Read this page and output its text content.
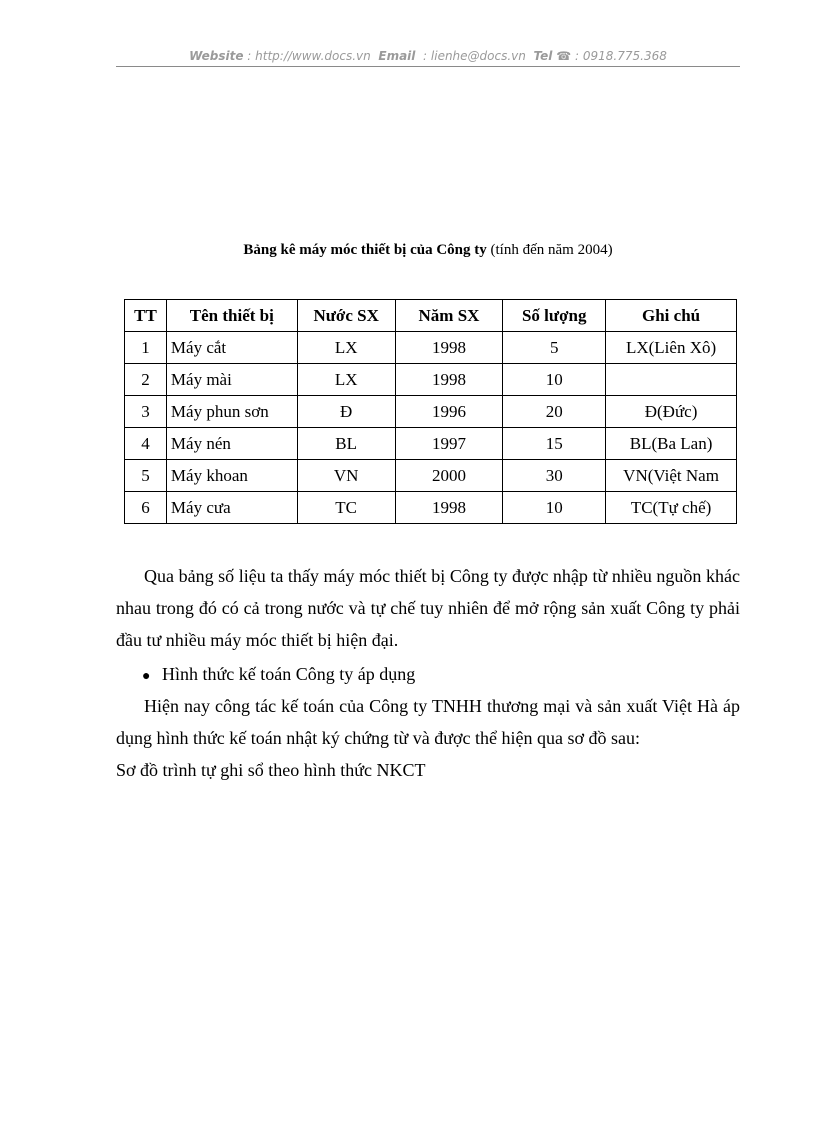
Website : http://www.docs.vn Email : lienhe@docs.vn Tel ☎ : 0918.775.368
Bảng kê máy móc thiết bị của Công ty (tính đến năm 2004)
TT	Tên thiết bị	Nước SX	Năm SX	Số lượng	Ghi chú
1	Máy cắt	LX	1998	5	LX(Liên Xô)
2	Máy mài	LX	1998	10	
3	Máy phun sơn	Đ	1996	20	Đ(Đức)
4	Máy nén	BL	1997	15	BL(Ba Lan)
5	Máy khoan	VN	2000	30	VN(Việt Nam
6	Máy cưa	TC	1998	10	TC(Tự chế)
Qua bảng số liệu ta thấy máy móc thiết bị Công ty được nhập từ nhiều nguồn khác nhau trong đó có cả trong nước và tự chế tuy nhiên để mở rộng sản xuất Công ty phải đầu tư nhiều máy móc thiết bị hiện đại.
● Hình thức kế toán Công ty áp dụng
Hiện nay công tác kế toán của Công ty TNHH thương mại và sản xuất Việt Hà áp dụng hình thức kế toán nhật ký chứng từ và được thể hiện qua sơ đồ sau:
Sơ đồ trình tự ghi sổ theo hình thức NKCT
